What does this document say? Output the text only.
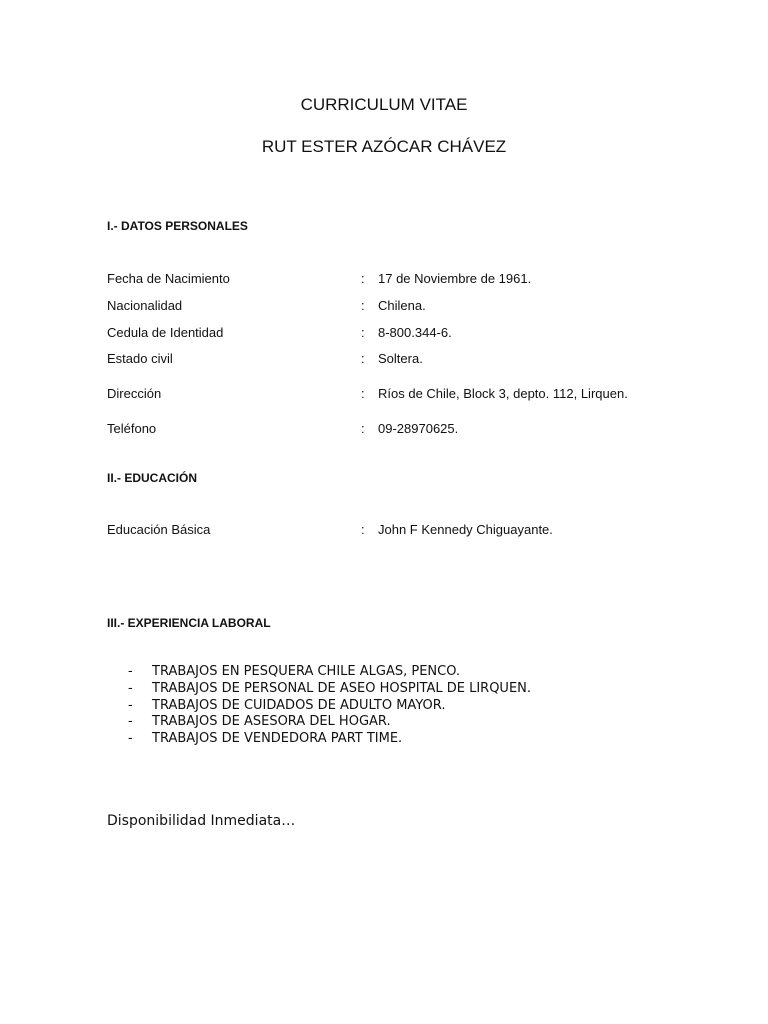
CURRICULUM VITAE
RUT ESTER AZÓCAR CHÁVEZ
I.- DATOS PERSONALES
Fecha de Nacimiento	: 17 de Noviembre de 1961.
Nacionalidad	: Chilena.
Cedula de Identidad	: 8-800.344-6.
Estado civil	: Soltera.
Dirección	: Ríos de Chile, Block 3, depto. 112, Lirquen.
Teléfono	: 09-28970625.
II.- EDUCACIÓN
Educación Básica	: John F Kennedy Chiguayante.
III.- EXPERIENCIA LABORAL
- TRABAJOS EN PESQUERA CHILE ALGAS, PENCO.
- TRABAJOS DE PERSONAL DE ASEO HOSPITAL DE LIRQUEN.
- TRABAJOS DE CUIDADOS DE ADULTO MAYOR.
- TRABAJOS DE ASESORA DEL HOGAR.
- TRABAJOS DE VENDEDORA PART TIME.
Disponibilidad Inmediata…
